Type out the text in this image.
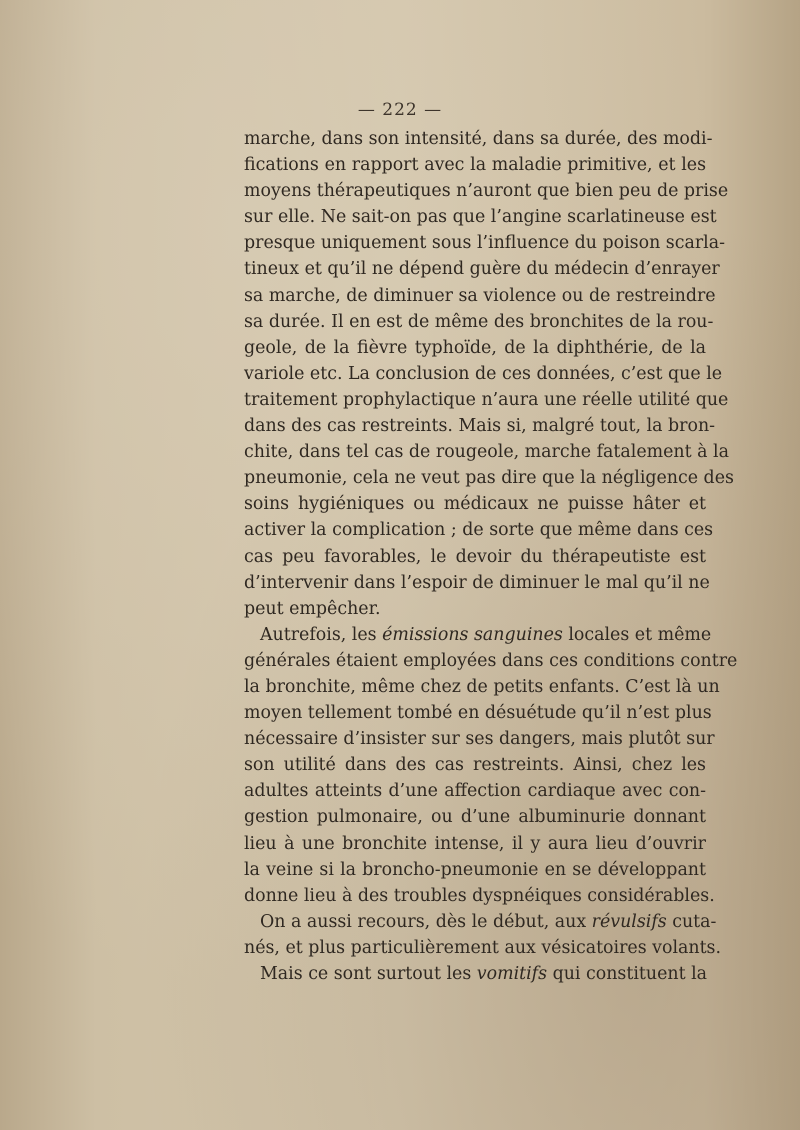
— 222 —
marche, dans son intensité, dans sa durée, des modi-
fications en rapport avec la maladie primitive, et les
moyens thérapeutiques n’auront que bien peu de prise
sur elle. Ne sait-on pas que l’angine scarlatineuse est
presque uniquement sous l’influence du poison scarla-
tineux et qu’il ne dépend guère du médecin d’enrayer
sa marche, de diminuer sa violence ou de restreindre
sa durée. Il en est de même des bronchites de la rou-
geole, de la fièvre typhoïde, de la diphthérie, de la
variole etc. La conclusion de ces données, c’est que le
traitement prophylactique n’aura une réelle utilité que
dans des cas restreints. Mais si, malgré tout, la bron-
chite, dans tel cas de rougeole, marche fatalement à la
pneumonie, cela ne veut pas dire que la négligence des
soins hygiéniques ou médicaux ne puisse hâter et
activer la complication ; de sorte que même dans ces
cas peu favorables, le devoir du thérapeutiste est
d’intervenir dans l’espoir de diminuer le mal qu’il ne
peut empêcher.
Autrefois, les émissions sanguines locales et même
générales étaient employées dans ces conditions contre
la bronchite, même chez de petits enfants. C’est là un
moyen tellement tombé en désuétude qu’il n’est plus
nécessaire d’insister sur ses dangers, mais plutôt sur
son utilité dans des cas restreints. Ainsi, chez les
adultes atteints d’une affection cardiaque avec con-
gestion pulmonaire, ou d’une albuminurie donnant
lieu à une bronchite intense, il y aura lieu d’ouvrir
la veine si la broncho-pneumonie en se développant
donne lieu à des troubles dyspnéiques considérables.
On a aussi recours, dès le début, aux révulsifs cuta-
nés, et plus particulièrement aux vésicatoires volants.
Mais ce sont surtout les vomitifs qui constituent la
